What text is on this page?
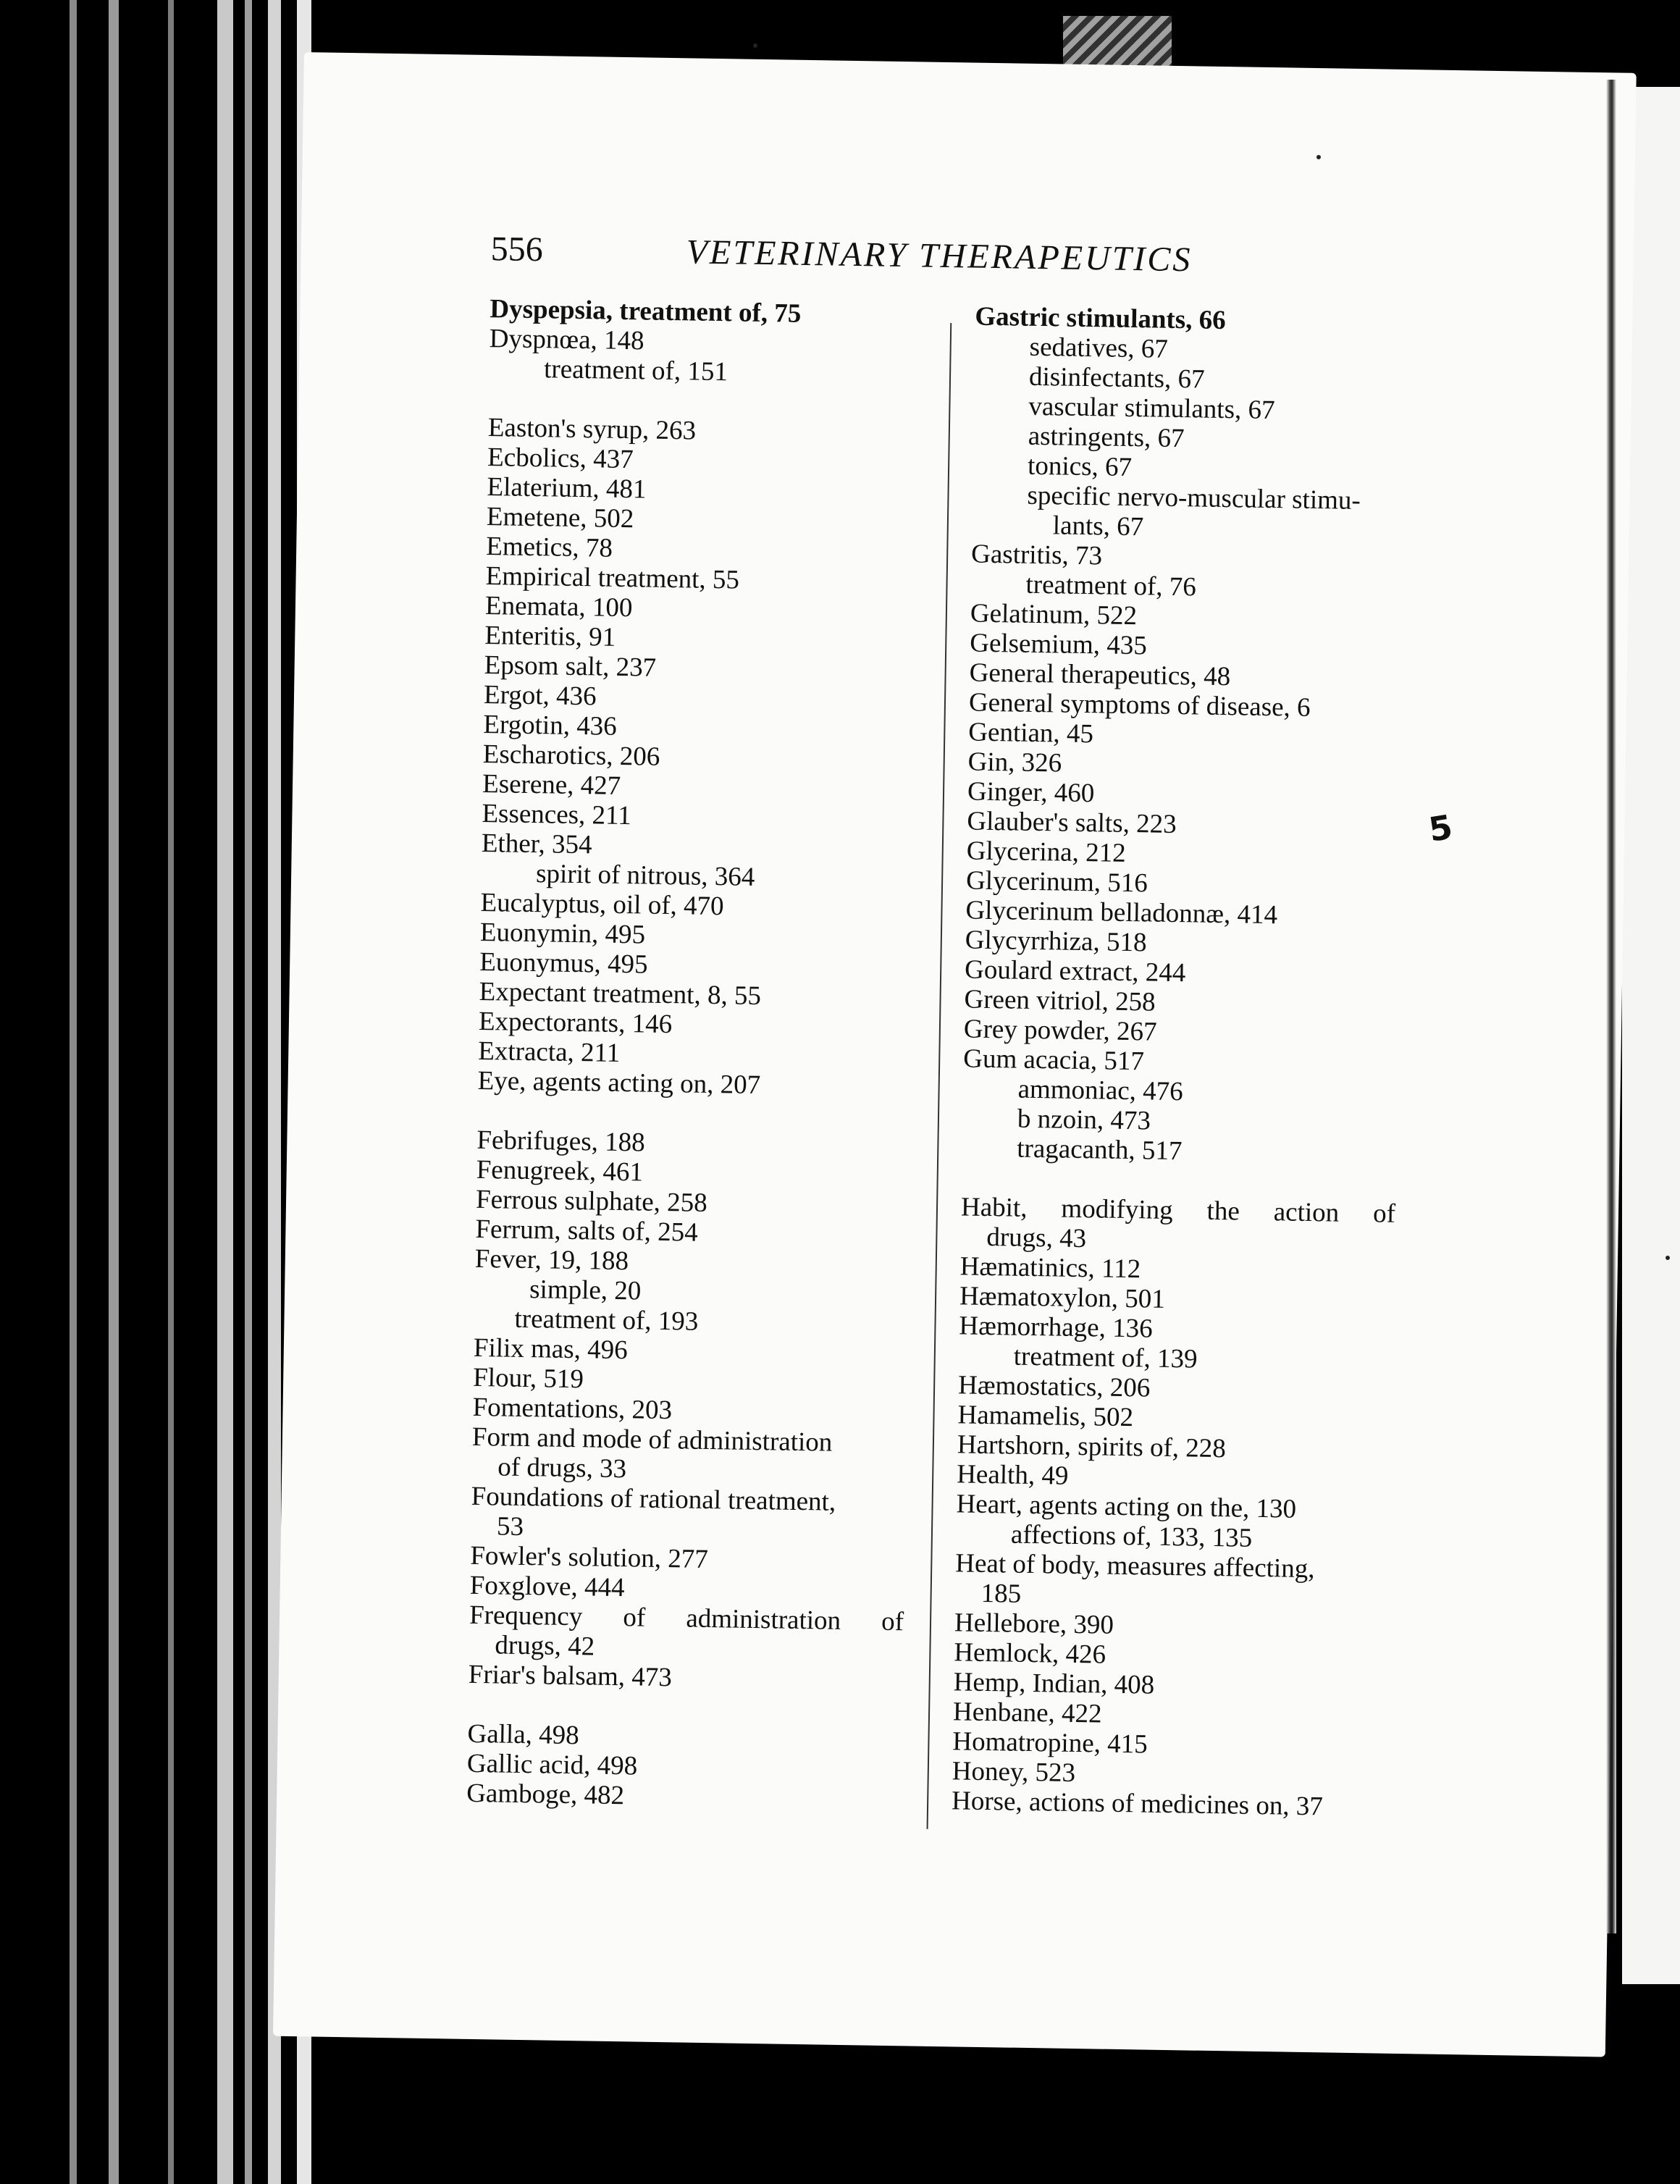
556	VETERINARY THERAPEUTICS
Dyspepsia, treatment of, 75
Dyspnœa, 148
treatment of, 151
Easton's syrup, 263
Ecbolics, 437
Elaterium, 481
Emetene, 502
Emetics, 78
Empirical treatment, 55
Enemata, 100
Enteritis, 91
Epsom salt, 237
Ergot, 436
Ergotin, 436
Escharotics, 206
Eserene, 427
Essences, 211
Ether, 354
spirit of nitrous, 364
Eucalyptus, oil of, 470
Euonymin, 495
Euonymus, 495
Expectant treatment, 8, 55
Expectorants, 146
Extracta, 211
Eye, agents acting on, 207
Febrifuges, 188
Fenugreek, 461
Ferrous sulphate, 258
Ferrum, salts of, 254
Fever, 19, 188
simple, 20
treatment of, 193
Filix mas, 496
Flour, 519
Fomentations, 203
Form and mode of administration
of drugs, 33
Foundations of rational treatment,
53
Fowler's solution, 277
Foxglove, 444
Frequency of administration of
drugs, 42
Friar's balsam, 473
Galla, 498
Gallic acid, 498
Gamboge, 482
Gastric stimulants, 66
sedatives, 67
disinfectants, 67
vascular stimulants, 67
astringents, 67
tonics, 67
specific nervo-muscular stimu-
lants, 67
Gastritis, 73
treatment of, 76
Gelatinum, 522
Gelsemium, 435
General therapeutics, 48
General symptoms of disease, 6
Gentian, 45
Gin, 326
Ginger, 460
Glauber's salts, 223
Glycerina, 212
Glycerinum, 516
Glycerinum belladonnæ, 414
Glycyrrhiza, 518
Goulard extract, 244
Green vitriol, 258
Grey powder, 267
Gum acacia, 517
ammoniac, 476
b nzoin, 473
tragacanth, 517
Habit, modifying the action of
drugs, 43
Hæmatinics, 112
Hæmatoxylon, 501
Hæmorrhage, 136
treatment of, 139
Hæmostatics, 206
Hamamelis, 502
Hartshorn, spirits of, 228
Health, 49
Heart, agents acting on the, 130
affections of, 133, 135
Heat of body, measures affecting,
185
Hellebore, 390
Hemlock, 426
Hemp, Indian, 408
Henbane, 422
Homatropine, 415
Honey, 523
Horse, actions of medicines on, 37
5
